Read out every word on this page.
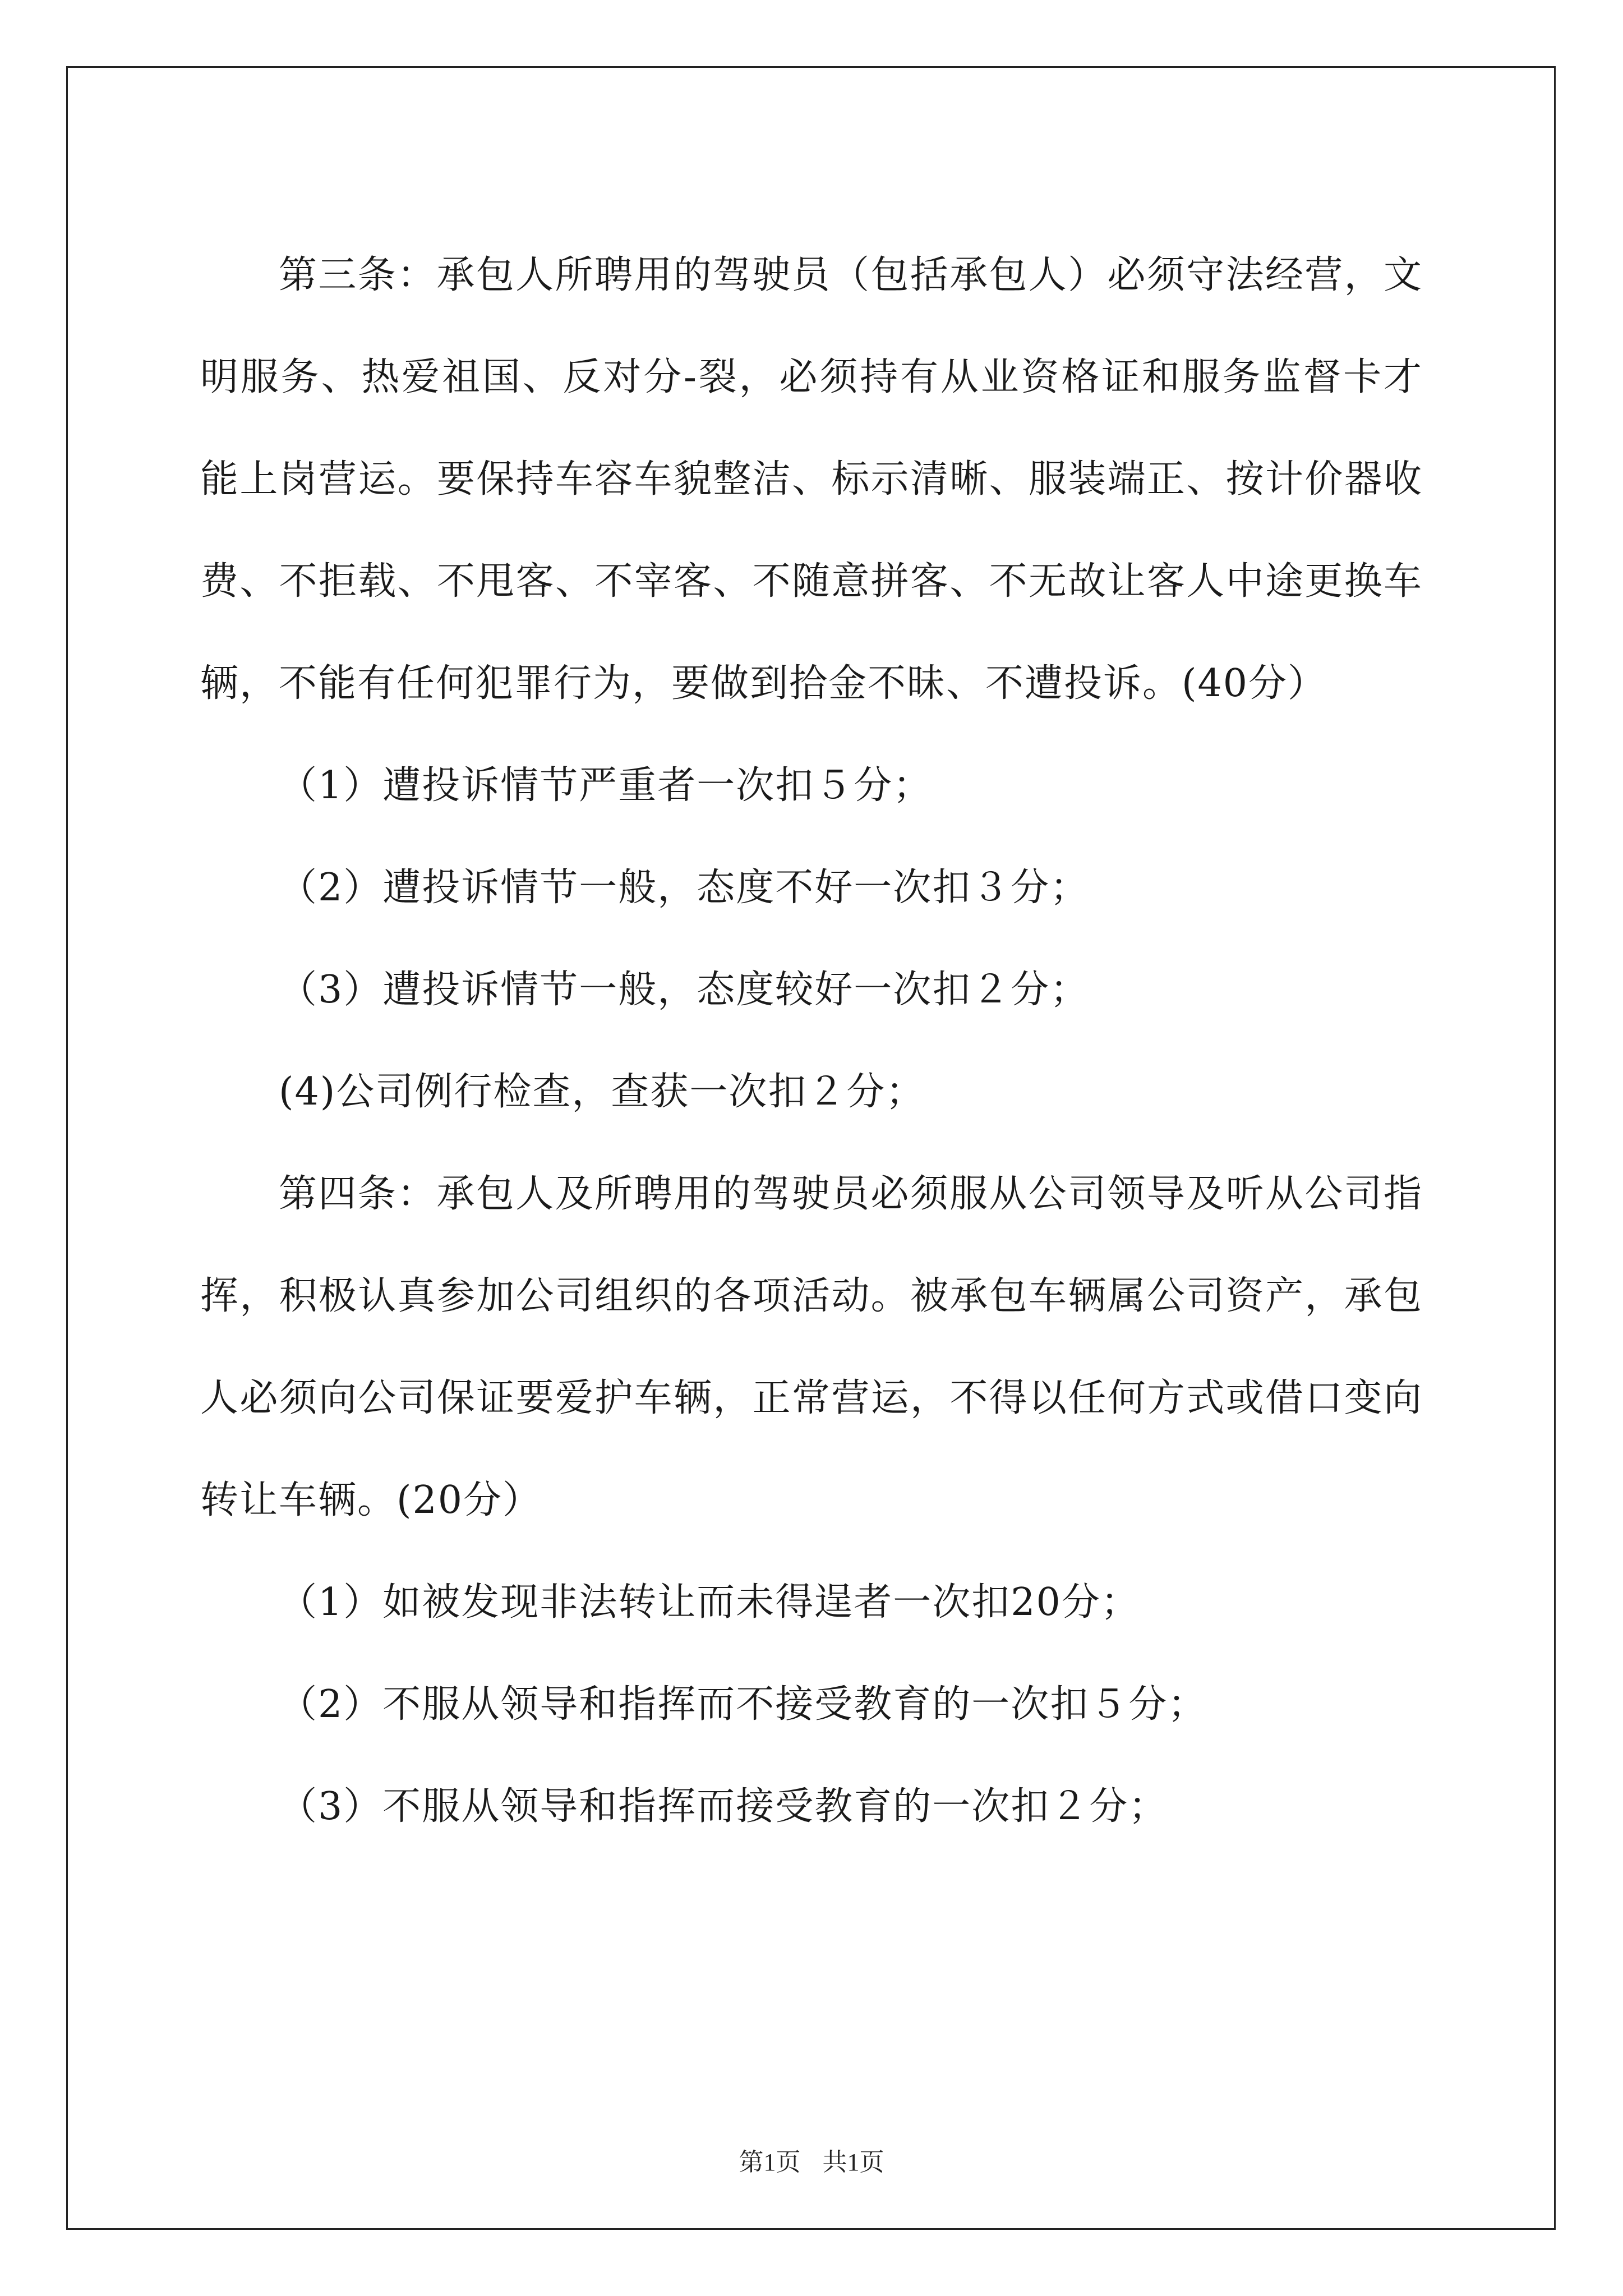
第三条：承包人所聘用的驾驶员（包括承包人）必须守法经营，文明服务、热爱祖国、反对分-裂，必须持有从业资格证和服务监督卡才能上岗营运。要保持车容车貌整洁、标示清晰、服装端正、按计价器收费、不拒载、不甩客、不宰客、不随意拼客、不无故让客人中途更换车辆，不能有任何犯罪行为，要做到拾金不昧、不遭投诉。(40分）

（1）遭投诉情节严重者一次扣５分；

（2）遭投诉情节一般，态度不好一次扣３分；

（3）遭投诉情节一般，态度较好一次扣２分；

(4)公司例行检查，查获一次扣２分；

第四条：承包人及所聘用的驾驶员必须服从公司领导及听从公司指挥，积极认真参加公司组织的各项活动。被承包车辆属公司资产，承包人必须向公司保证要爱护车辆，正常营运，不得以任何方式或借口变向转让车辆。(20分）

（1）如被发现非法转让而未得逞者一次扣20分；

（2）不服从领导和指挥而不接受教育的一次扣５分；

（3）不服从领导和指挥而接受教育的一次扣２分；

第1页 共1页
